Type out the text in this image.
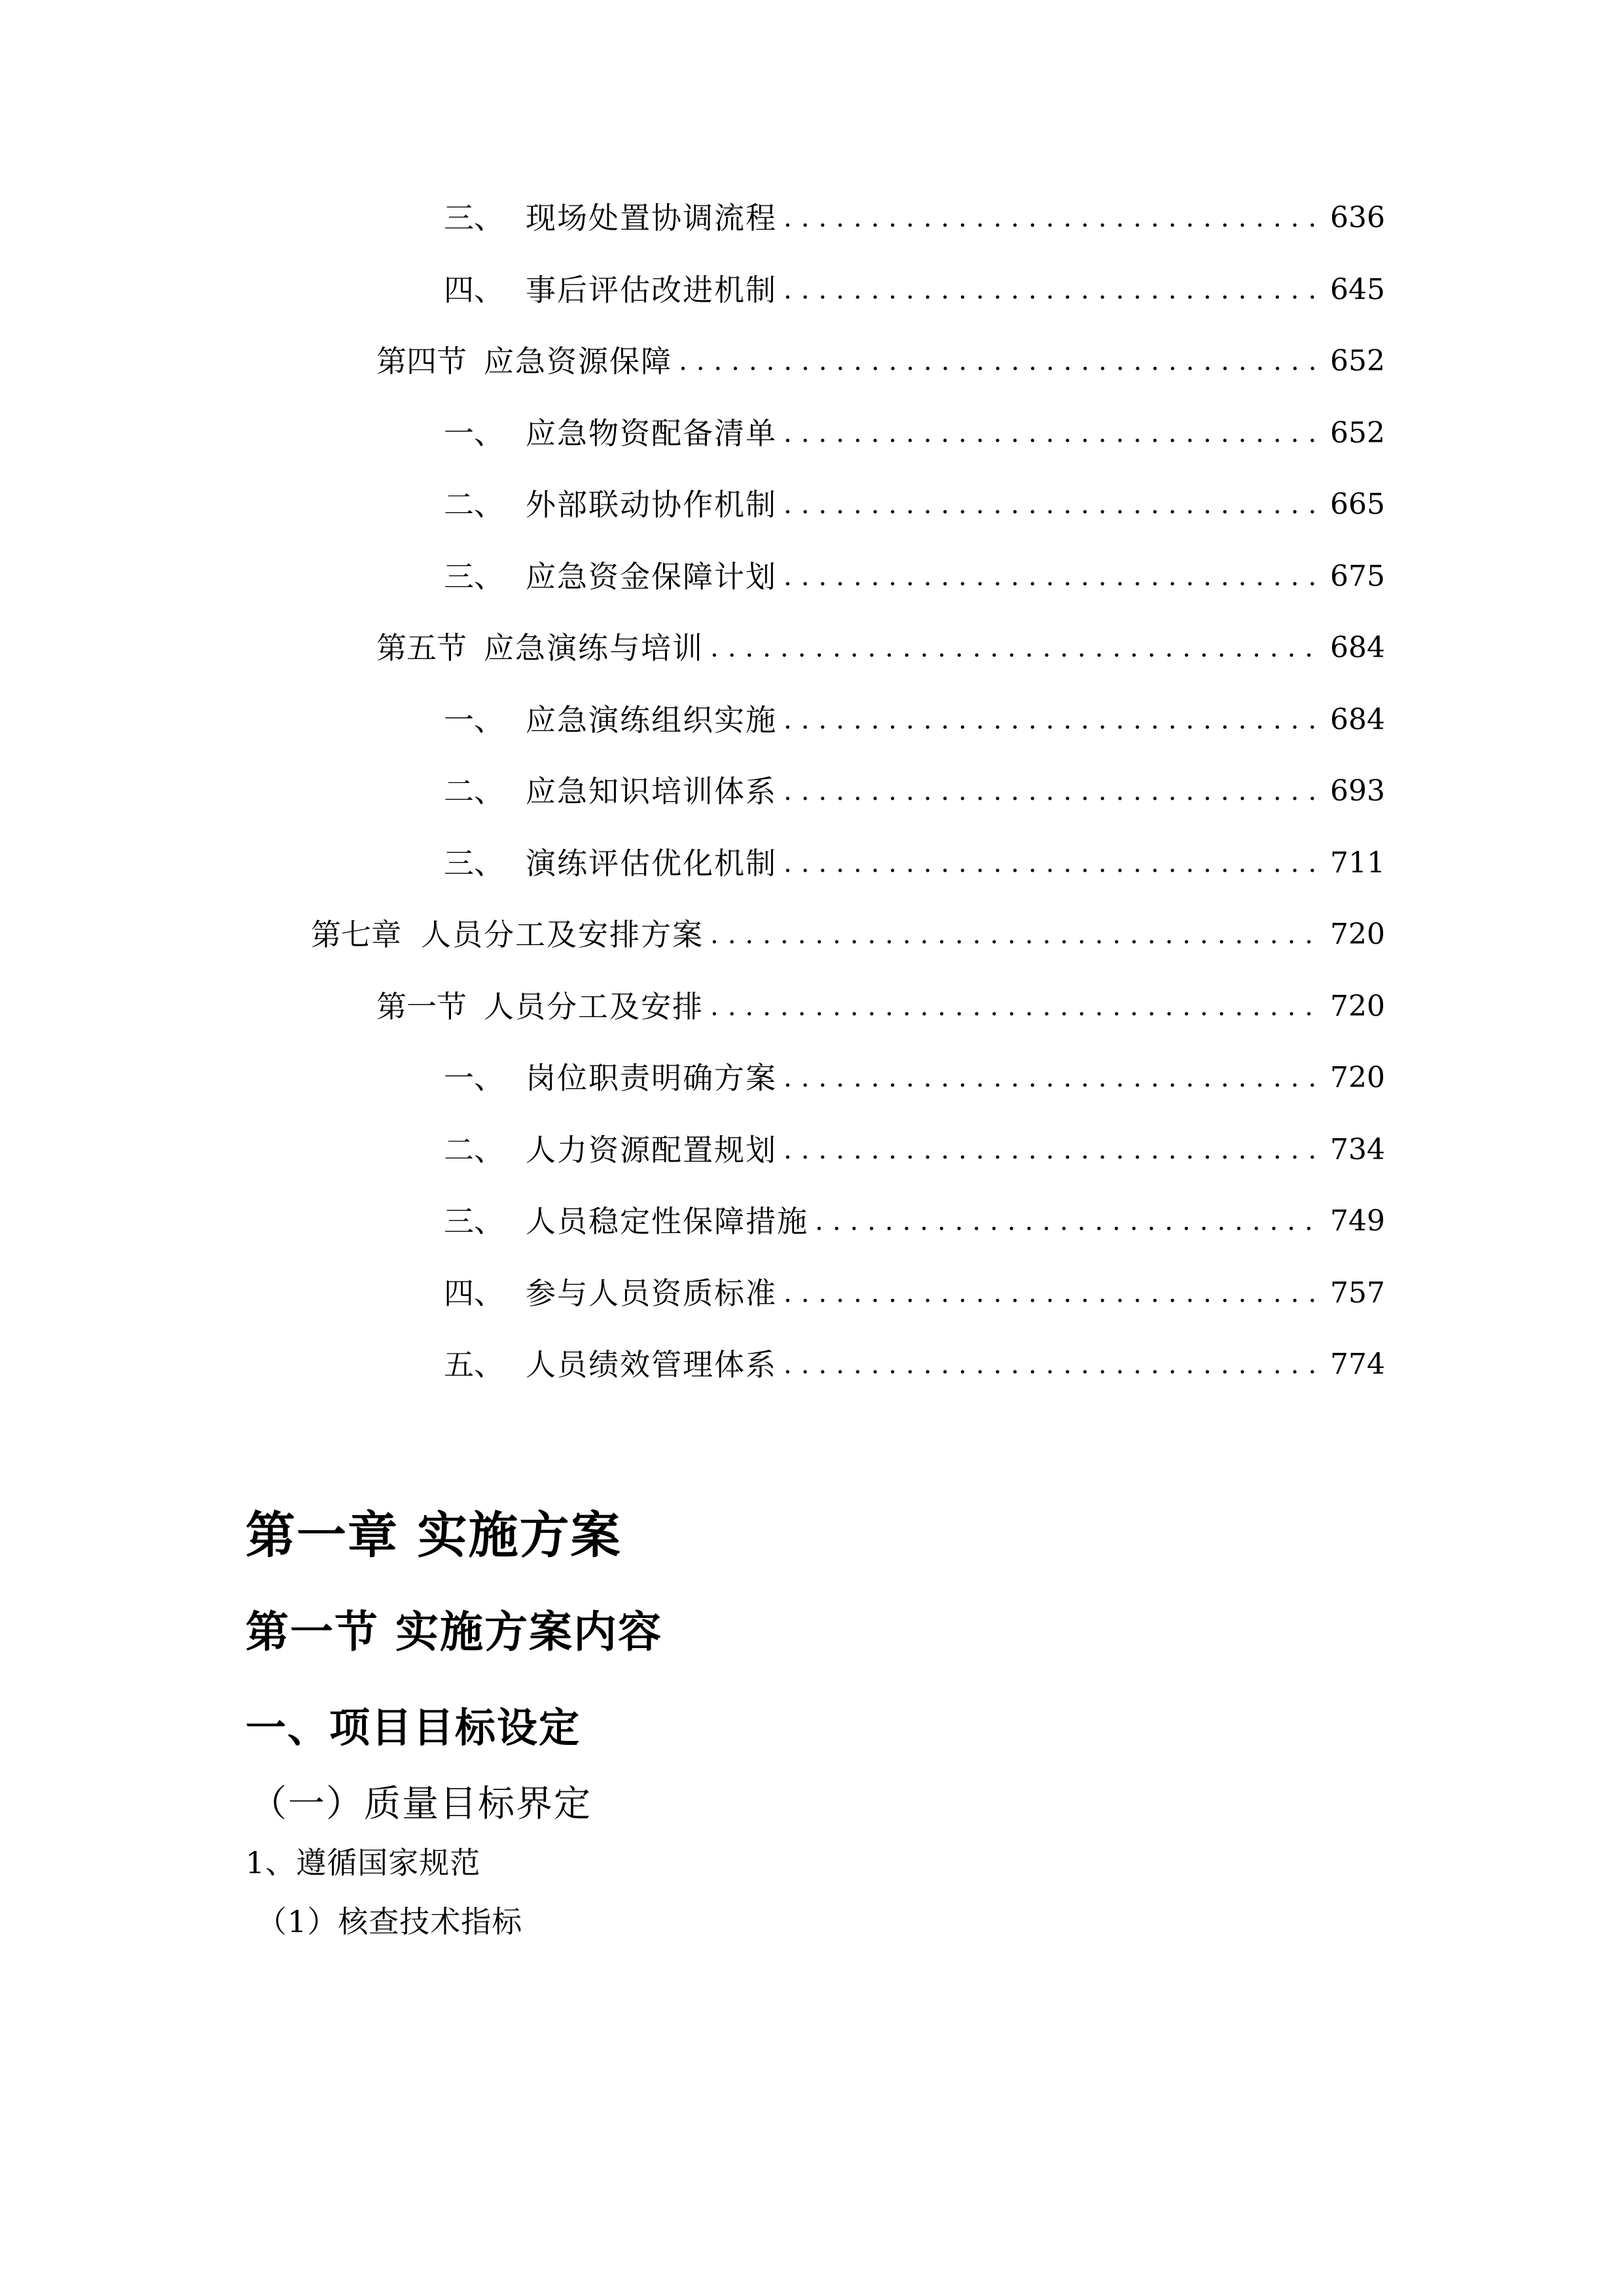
三、 现场处置协调流程 .....	636
四、 事后评估改进机制 .....	645
第四节 应急资源保障 .....	652
一、 应急物资配备清单 .....	652
二、 外部联动协作机制 .....	665
三、 应急资金保障计划 .....	675
第五节 应急演练与培训 .....	684
一、 应急演练组织实施 .....	684
二、 应急知识培训体系 .....	693
三、 演练评估优化机制 .....	711
第七章 人员分工及安排方案 .....	720
第一节 人员分工及安排 .....	720
一、 岗位职责明确方案 .....	720
二、 人力资源配置规划 .....	734
三、 人员稳定性保障措施 .....	749
四、 参与人员资质标准 .....	757
五、 人员绩效管理体系 .....	774
第一章 实施方案
第一节 实施方案内容
一、项目目标设定
（一）质量目标界定
1、遵循国家规范
（1）核查技术指标
